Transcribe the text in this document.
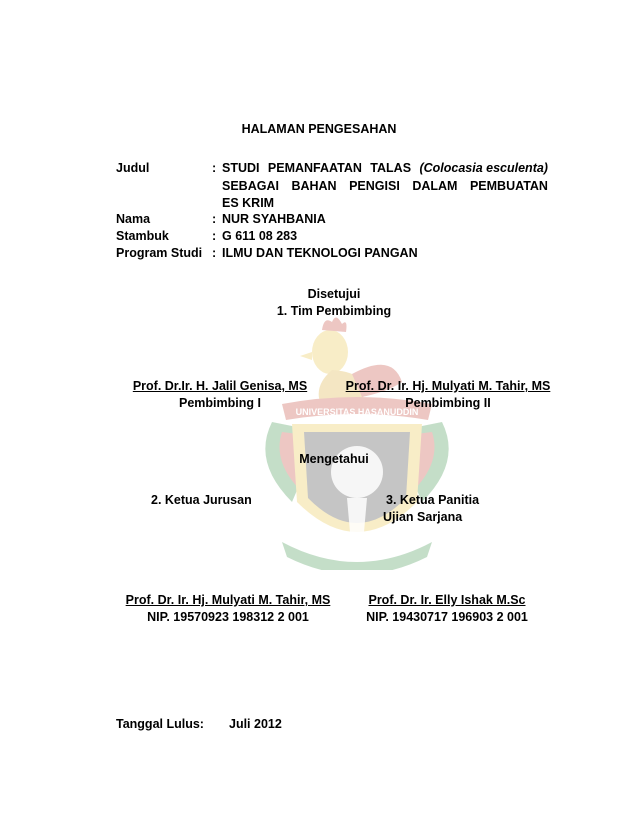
UNIVERSITAS HASANUDDIN
HALAMAN PENGESAHAN
Judul	: STUDI PEMANFAATAN TALAS (Colocasia esculenta)
SEBAGAI BAHAN PENGISI DALAM PEMBUATAN
ES KRIM
Nama	: NUR SYAHBANIA
Stambuk	: G 611 08 283
Program Studi : ILMU DAN TEKNOLOGI PANGAN
Disetujui
1. Tim Pembimbing
Prof. Dr.Ir. H. Jalil Genisa, MS
Pembimbing I
Prof. Dr. Ir. Hj. Mulyati M. Tahir, MS
Pembimbing II
Mengetahui
2. Ketua Jurusan	3. Ketua Panitia
Ujian Sarjana
Prof. Dr. Ir. Hj. Mulyati M. Tahir, MS
NIP. 19570923 198312 2 001
Prof. Dr. Ir. Elly Ishak M.Sc
NIP. 19430717 196903 2 001
Tanggal Lulus: Juli 2012
